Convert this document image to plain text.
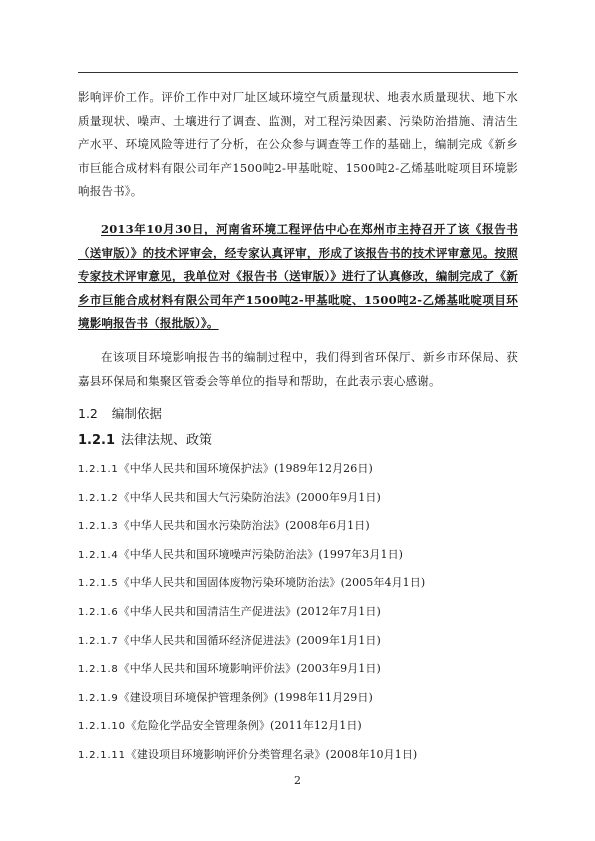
影响评价工作。评价工作中对厂址区域环境空气质量现状、地表水质量现状、地下水质量现状、噪声、土壤进行了调查、监测，对工程污染因素、污染防治措施、清洁生产水平、环境风险等进行了分析，在公众参与调查等工作的基础上，编制完成《新乡市巨能合成材料有限公司年产1500吨2-甲基吡啶、1500吨2-乙烯基吡啶项目环境影响报告书》。

2013年10月30日，河南省环境工程评估中心在郑州市主持召开了该《报告书（送审版）》的技术评审会，经专家认真评审，形成了该报告书的技术评审意见。按照专家技术评审意见，我单位对《报告书（送审版）》进行了认真修改，编制完成了《新乡市巨能合成材料有限公司年产1500吨2-甲基吡啶、1500吨2-乙烯基吡啶项目环境影响报告书（报批版）》。

在该项目环境影响报告书的编制过程中，我们得到省环保厅、新乡市环保局、获嘉县环保局和集聚区管委会等单位的指导和帮助，在此表示衷心感谢。

1.2 编制依据
1.2.1 法律法规、政策
1.2.1.1《中华人民共和国环境保护法》(1989年12月26日)
1.2.1.2《中华人民共和国大气污染防治法》(2000年9月1日)
1.2.1.3《中华人民共和国水污染防治法》(2008年6月1日)
1.2.1.4《中华人民共和国环境噪声污染防治法》(1997年3月1日)
1.2.1.5《中华人民共和国固体废物污染环境防治法》(2005年4月1日)
1.2.1.6《中华人民共和国清洁生产促进法》(2012年7月1日)
1.2.1.7《中华人民共和国循环经济促进法》(2009年1月1日)
1.2.1.8《中华人民共和国环境影响评价法》(2003年9月1日)
1.2.1.9《建设项目环境保护管理条例》(1998年11月29日)
1.2.1.10《危险化学品安全管理条例》(2011年12月1日)
1.2.1.11《建设项目环境影响评价分类管理名录》(2008年10月1日)
2
